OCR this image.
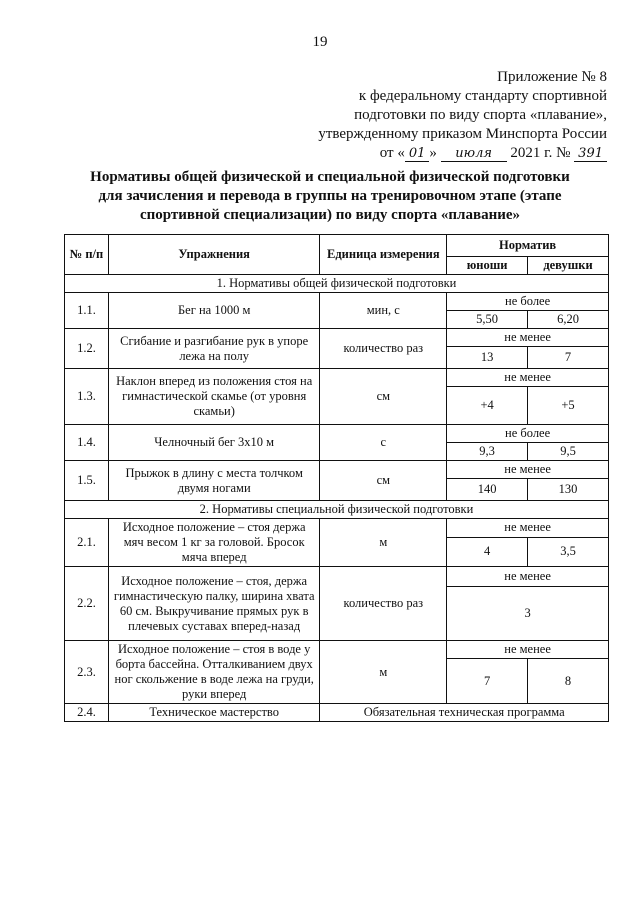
19
Приложение № 8
к федеральному стандарту спортивной
подготовки по виду спорта «плавание»,
утвержденному приказом Минспорта России
от « 01 » июля 2021 г. № 391
Нормативы общей физической и специальной физической подготовки
для зачисления и перевода в группы на тренировочном этапе (этапе
спортивной специализации) по виду спорта «плавание»
№ п/п	Упражнения	Единица измерения	Норматив	
			юноши	девушки
1. Нормативы общей физической подготовки				
1.1.	Бег на 1000 м	мин, с	не более	
			5,50	6,20
1.2.	Сгибание и разгибание рук в упоре лежа на полу	количество раз	не менее	
			13	7
1.3.	Наклон вперед из положения стоя на гимнастической скамье (от уровня скамьи)	см	не менее	
			+4	+5
1.4.	Челночный бег 3х10 м	с	не более	
			9,3	9,5
1.5.	Прыжок в длину с места толчком двумя ногами	см	не менее	
			140	130
2. Нормативы специальной физической подготовки				
2.1.	Исходное положение – стоя держа мяч весом 1 кг за головой. Бросок мяча вперед	м	не менее	
			4	3,5
2.2.	Исходное положение – стоя, держа гимнастическую палку, ширина хвата 60 см. Выкручивание прямых рук в плечевых суставах вперед-назад	количество раз	не менее	
			3	
2.3.	Исходное положение – стоя в воде у борта бассейна. Отталкиванием двух ног скольжение в воде лежа на груди, руки вперед	м	не менее	
			7	8
2.4.	Техническое мастерство	Обязательная техническая программа		
